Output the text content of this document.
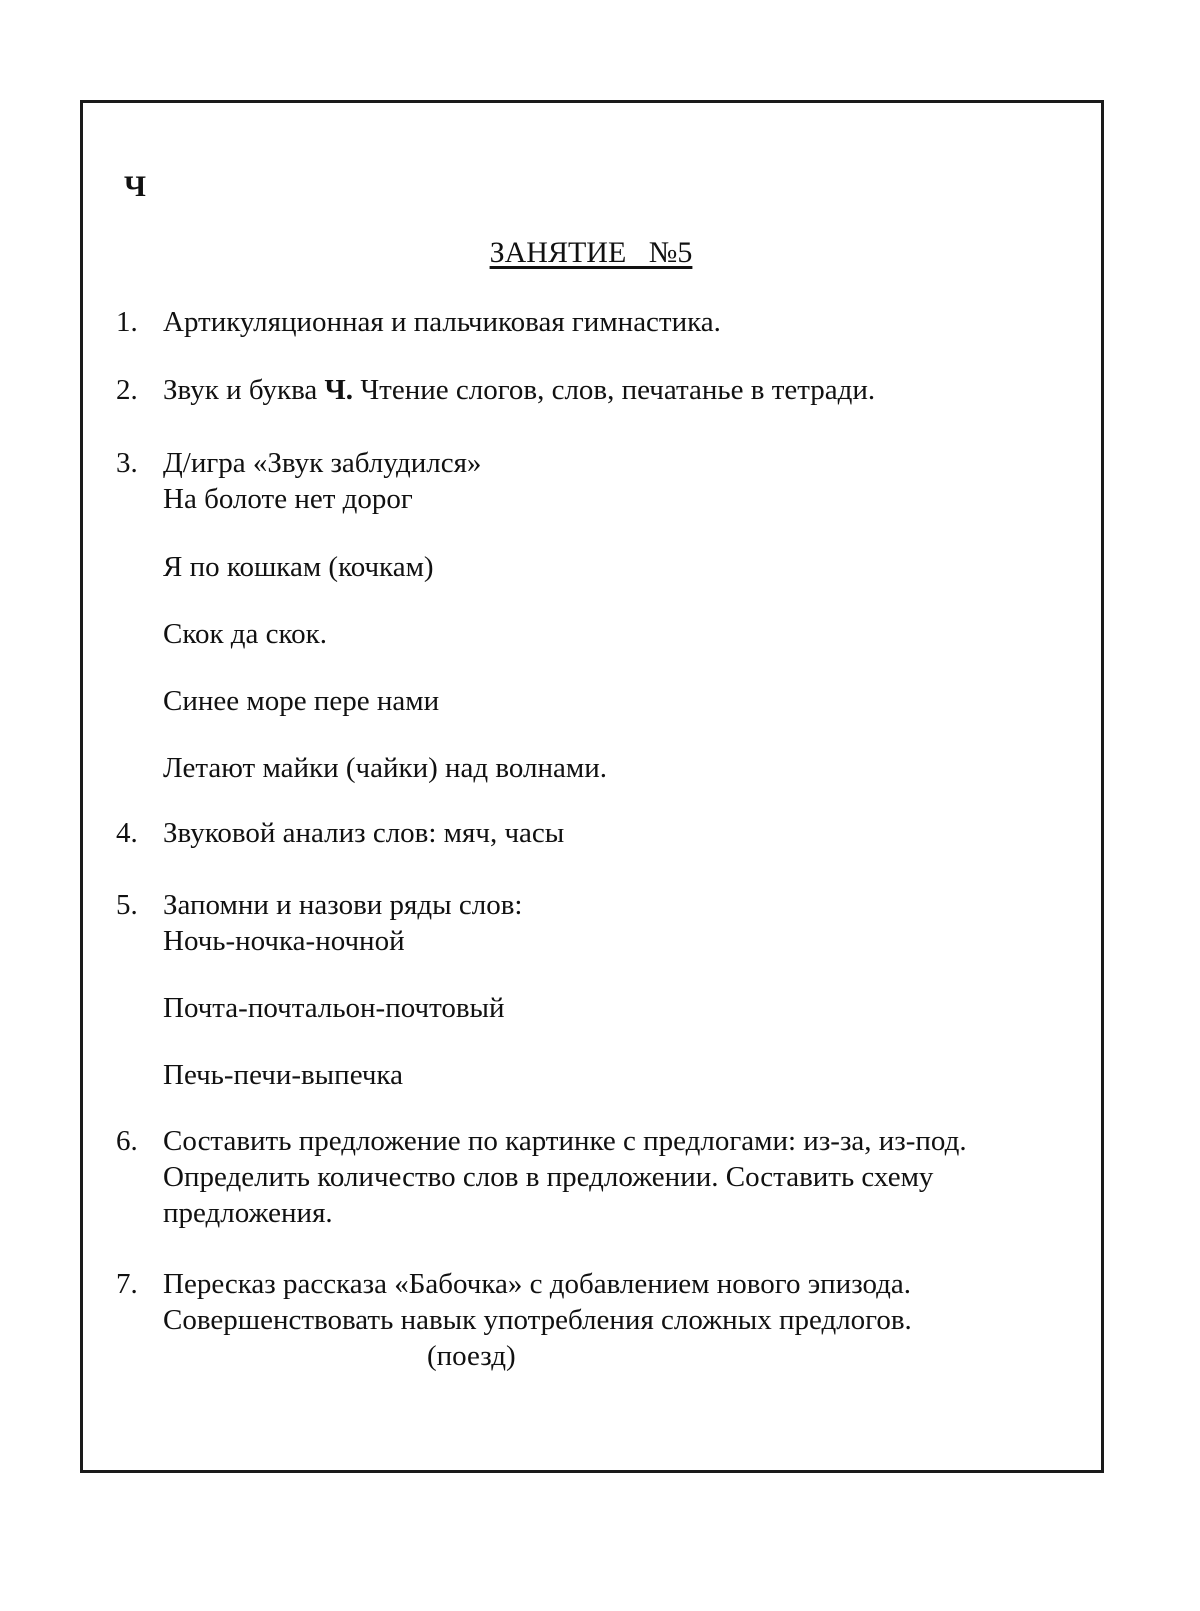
Ч
ЗАНЯТИЕ   №5
1. Артикуляционная и пальчиковая гимнастика.
2. Звук и буква Ч. Чтение слогов, слов, печатанье в тетради.
3. Д/игра «Звук заблудился»
На болоте нет дорог
Я по кошкам (кочкам)
Скок да скок.
Синее море пере нами
Летают майки (чайки) над волнами.
4. Звуковой анализ слов: мяч, часы
5. Запомни и назови ряды слов:
Ночь-ночка-ночной
Почта-почтальон-почтовый
Печь-печи-выпечка
6. Составить предложение по картинке с предлогами: из-за, из-под.
Определить количество слов в предложении. Составить схему
предложения.
7. Пересказ рассказа «Бабочка» с добавлением нового эпизода.
Совершенствовать навык употребления сложных предлогов.
(поезд)
